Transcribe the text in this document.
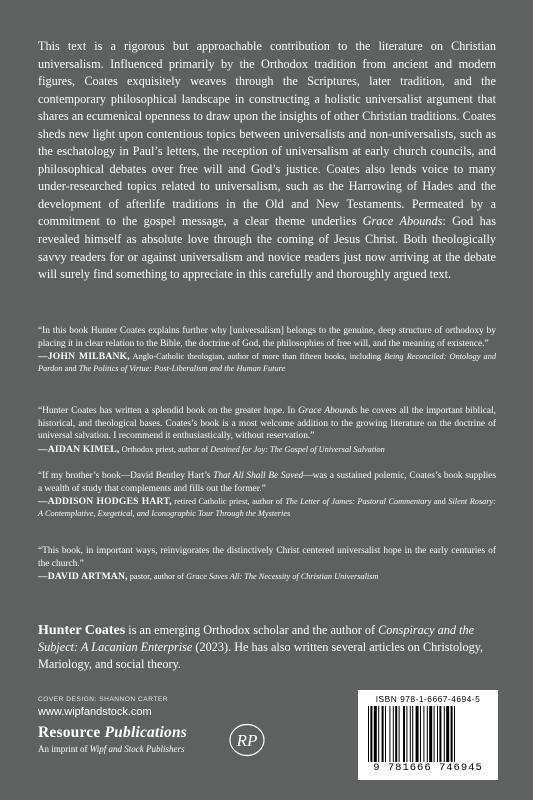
This text is a rigorous but approachable contribution to the literature on Christian universalism. Influenced primarily by the Orthodox tradition from ancient and modern figures, Coates exquisitely weaves through the Scriptures, later tradition, and the contemporary philosophical landscape in constructing a holistic universalist argument that shares an ecumenical openness to draw upon the insights of other Christian traditions. Coates sheds new light upon contentious topics between universalists and non-universalists, such as the eschatology in Paul’s letters, the reception of universalism at early church councils, and philosophical debates over free will and God’s justice. Coates also lends voice to many under-researched topics related to universalism, such as the Harrowing of Hades and the development of afterlife traditions in the Old and New Testaments. Permeated by a commitment to the gospel message, a clear theme underlies Grace Abounds: God has revealed himself as absolute love through the coming of Jesus Christ. Both theologically savvy readers for or against universalism and novice readers just now arriving at the debate will surely find something to appreciate in this carefully and thoroughly argued text.

“In this book Hunter Coates explains further why [universalism] belongs to the genuine, deep structure of orthodoxy by placing it in clear relation to the Bible, the doctrine of God, the philosophies of free will, and the meaning of existence.”

—JOHN MILBANK, Anglo-Catholic theologian, author of more than fifteen books, including Being Reconciled: Ontology and Pardon and The Politics of Virtue: Post-Liberalism and the Human Future

“Hunter Coates has written a splendid book on the greater hope. In Grace Abounds he covers all the important biblical, historical, and theological bases. Coates’s book is a most welcome addition to the growing literature on the doctrine of universal salvation. I recommend it enthusiastically, without reservation.”

—AIDAN KIMEL, Orthodox priest, author of Destined for Joy: The Gospel of Universal Salvation

“If my brother’s book—David Bentley Hart’s That All Shall Be Saved—was a sustained polemic, Coates’s book supplies a wealth of study that complements and fills out the former.”

—ADDISON HODGES HART, retired Catholic priest, author of The Letter of James: Pastoral Commentary and Silent Rosary: A Contemplative, Exegetical, and Iconographic Tour Through the Mysteries

“This book, in important ways, reinvigorates the distinctively Christ centered universalist hope in the early centuries of the church.”

—DAVID ARTMAN, pastor, author of Grace Saves All: The Necessity of Christian Universalism

Hunter Coates is an emerging Orthodox scholar and the author of Conspiracy and the Subject: A Lacanian Enterprise (2023). He has also written several articles on Christology, Mariology, and social theory.

COVER DESIGN: SHANNON CARTER
www.wipfandstock.com
Resource Publications
An imprint of Wipf and Stock Publishers	RP
ISBN 978-1-6667-4694-5
9 781666 746945
